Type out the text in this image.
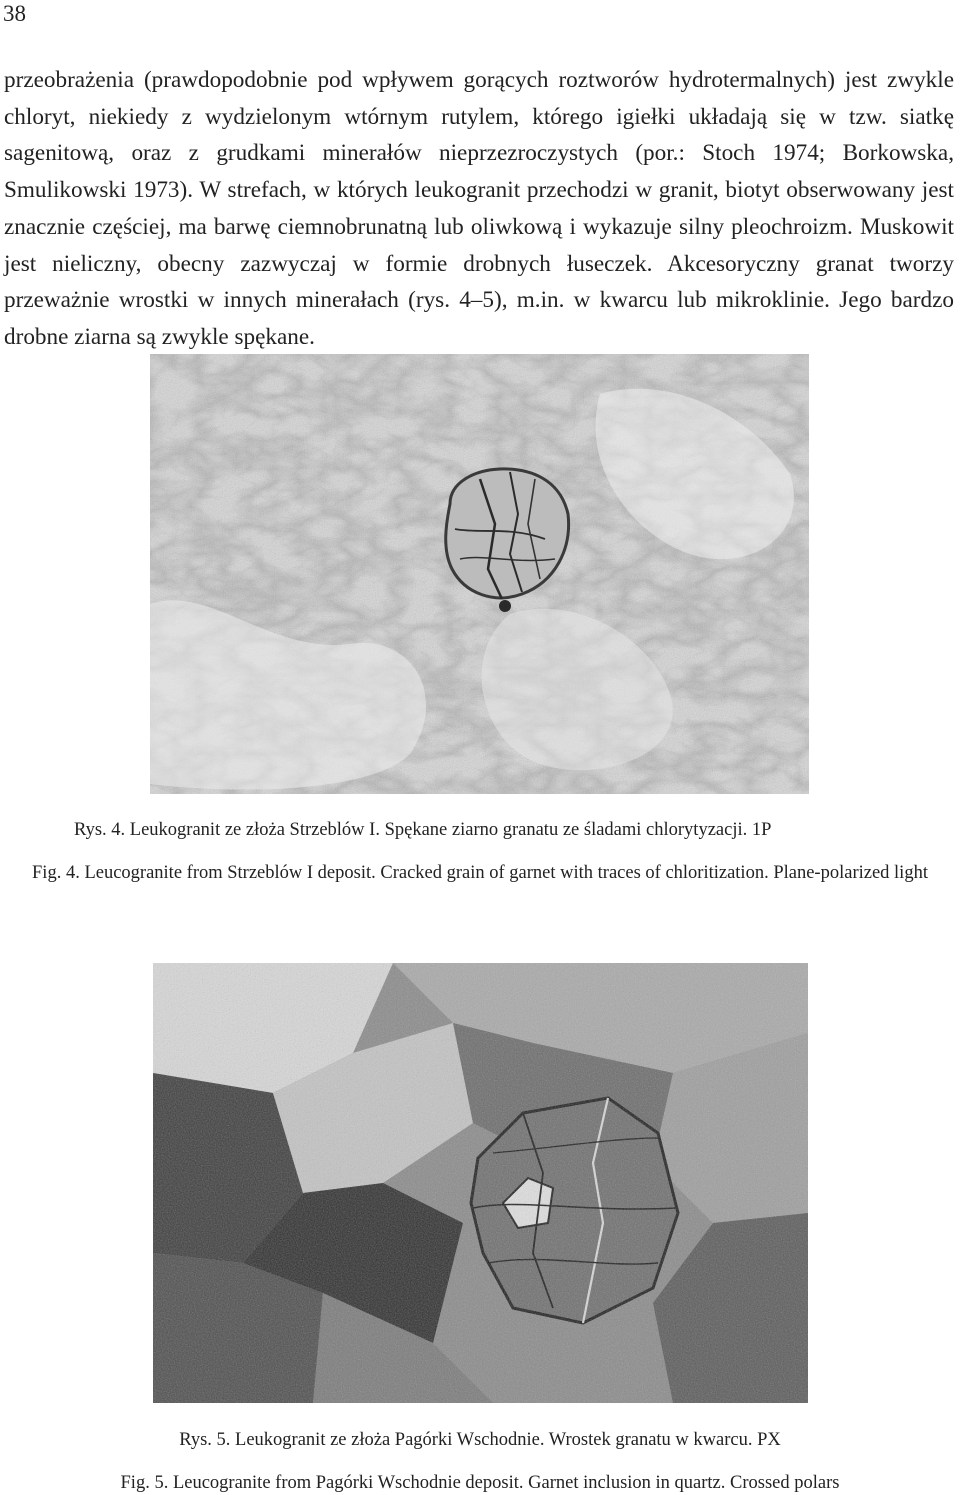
38

przeobrażenia (prawdopodobnie pod wpływem gorących roztworów hydrotermalnych) jest zwykle chloryt, niekiedy z wydzielonym wtórnym rutylem, którego igiełki układają się w tzw. siatkę sagenitową, oraz z grudkami minerałów nieprzezroczystych (por.: Stoch 1974; Borkowska, Smulikowski 1973). W strefach, w których leukogranit przechodzi w granit, biotyt obserwowany jest znacznie częściej, ma barwę ciemnobrunatną lub oliwkową i wykazuje silny pleochroizm. Muskowit jest nieliczny, obecny zazwyczaj w formie drobnych łuseczek. Akcesoryczny granat tworzy przeważnie wrostki w innych minerałach (rys. 4–5), m.in. w kwarcu lub mikroklinie. Jego bardzo drobne ziarna są zwykle spękane.

Rys. 4. Leukogranit ze złoża Strzeblów I. Spękane ziarno granatu ze śladami chlorytyzacji. 1P

Fig. 4. Leucogranite from Strzeblów I deposit. Cracked grain of garnet with traces of chloritization. Plane-polarized light

Rys. 5. Leukogranit ze złoża Pagórki Wschodnie. Wrostek granatu w kwarcu. PX

Fig. 5. Leucogranite from Pagórki Wschodnie deposit. Garnet inclusion in quartz. Crossed polars
